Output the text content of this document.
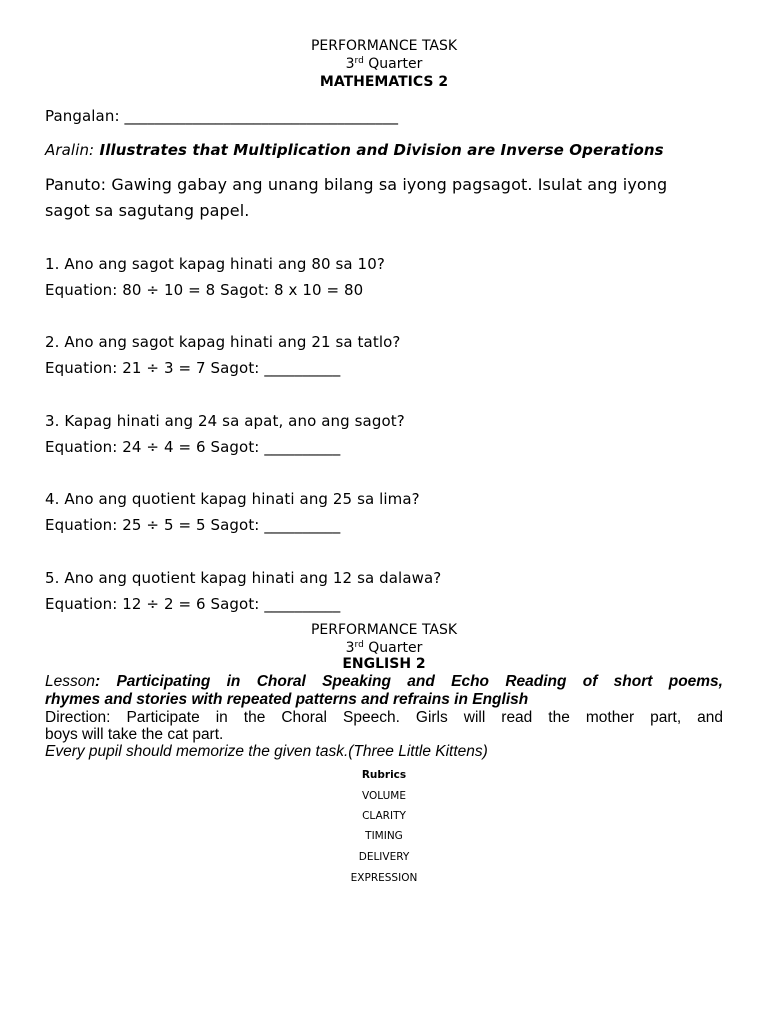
PERFORMANCE TASK
3rd Quarter
MATHEMATICS 2
Pangalan: ____________________________________
Aralin: Illustrates that Multiplication and Division are Inverse Operations
Panuto: Gawing gabay ang unang bilang sa iyong pagsagot. Isulat ang iyong
sagot sa sagutang papel.
1. Ano ang sagot kapag hinati ang 80 sa 10?
Equation: 80 ÷ 10 = 8 Sagot: 8 x 10 = 80
2. Ano ang sagot kapag hinati ang 21 sa tatlo?
Equation: 21 ÷ 3 = 7 Sagot: __________
3. Kapag hinati ang 24 sa apat, ano ang sagot?
Equation: 24 ÷ 4 = 6 Sagot: __________
4. Ano ang quotient kapag hinati ang 25 sa lima?
Equation: 25 ÷ 5 = 5 Sagot: __________
5. Ano ang quotient kapag hinati ang 12 sa dalawa?
Equation: 12 ÷ 2 = 6 Sagot: __________
PERFORMANCE TASK
3rd Quarter
ENGLISH 2
Lesson: Participating in Choral Speaking and Echo Reading of short poems,
rhymes and stories with repeated patterns and refrains in English
Direction: Participate in the Choral Speech. Girls will read the mother part, and
boys will take the cat part.
Every pupil should memorize the given task.(Three Little Kittens)
Rubrics
VOLUME
CLARITY
TIMING
DELIVERY
EXPRESSION
